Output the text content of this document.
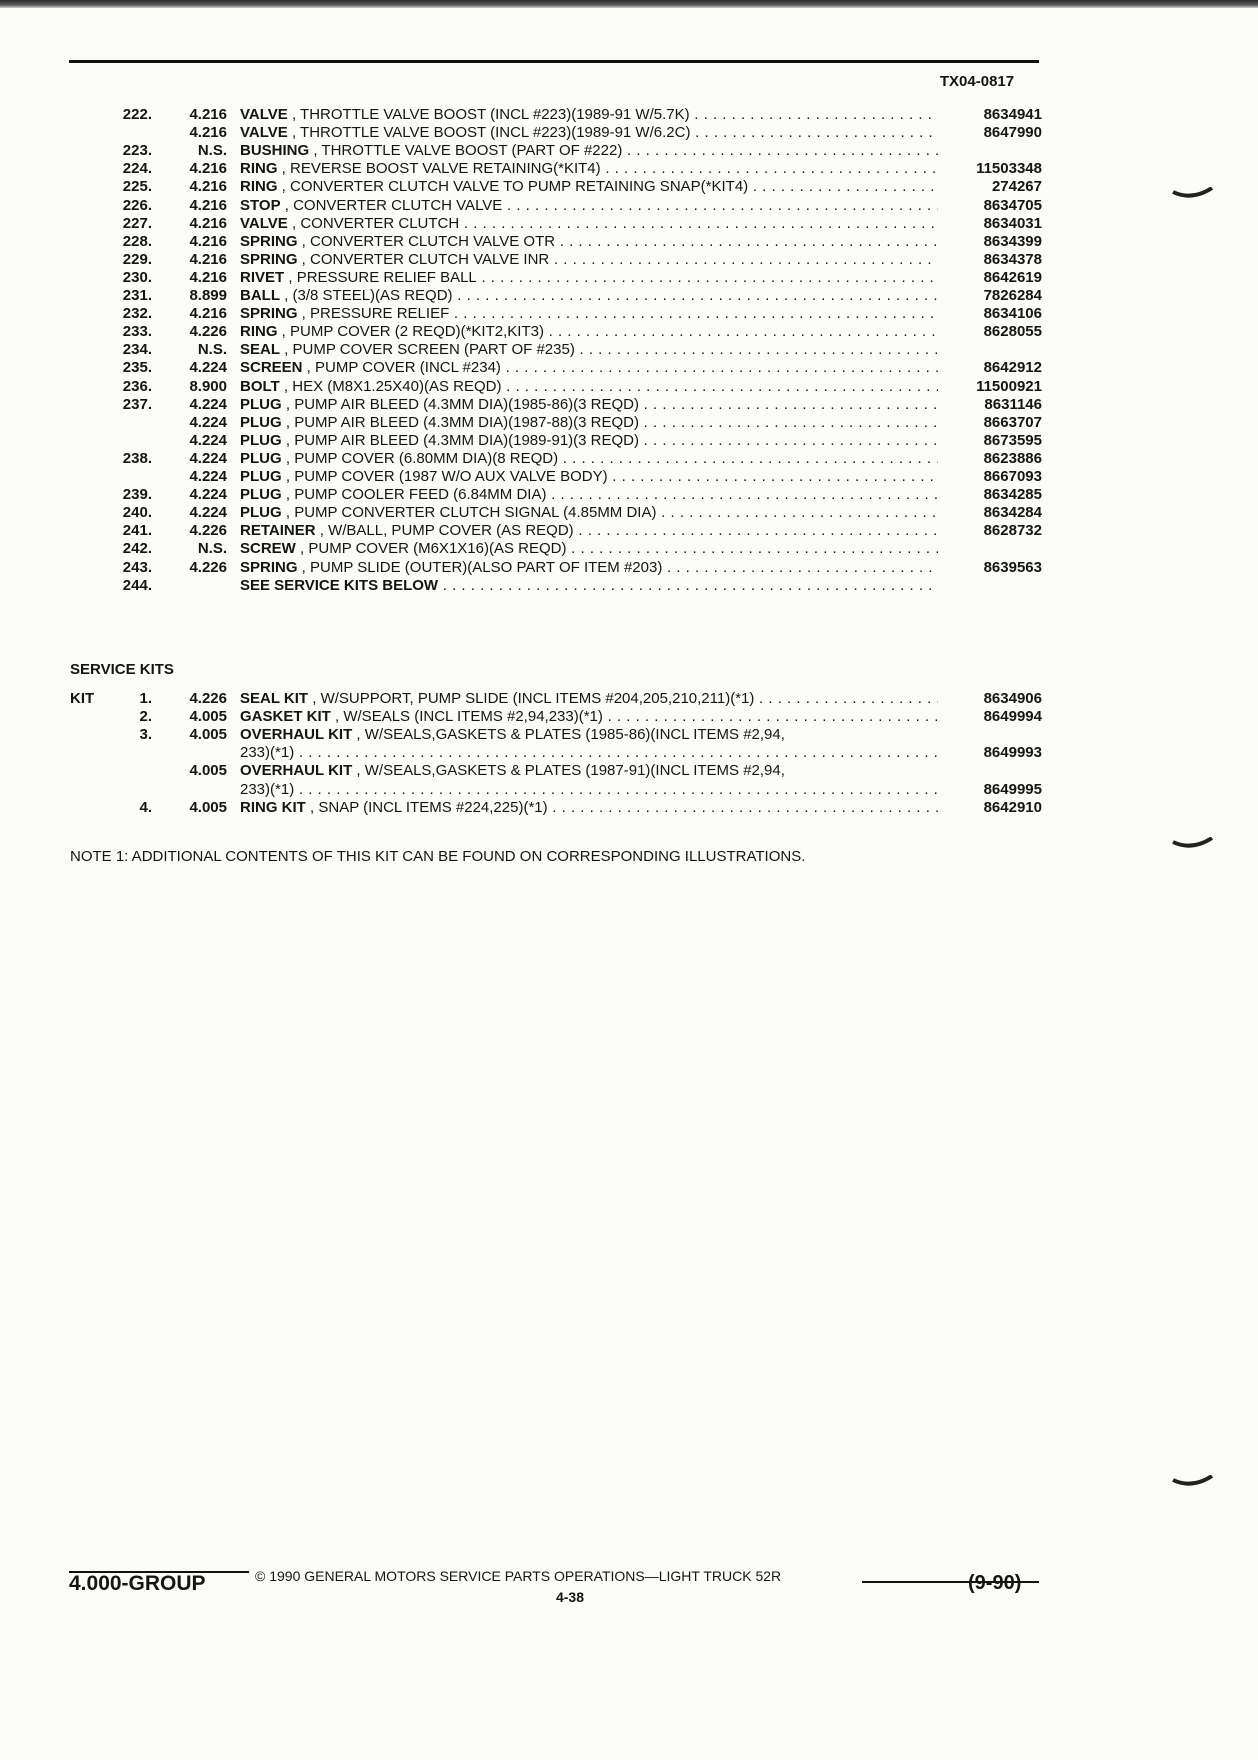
TX04-0817
222.	4.216 VALVE , THROTTLE VALVE BOOST (INCL #223)(1989-91 W/5.7K) . . .	8634941
4.216 VALVE , THROTTLE VALVE BOOST (INCL #223)(1989-91 W/6.2C) . . .	8647990
223.	N.S. BUSHING , THROTTLE VALVE BOOST (PART OF #222) . . .
224.	4.216 RING , REVERSE BOOST VALVE RETAINING(*KIT4) . . .	11503348
225.	4.216 RING , CONVERTER CLUTCH VALVE TO PUMP RETAINING SNAP(*KIT4) . . .	274267
226.	4.216 STOP , CONVERTER CLUTCH VALVE . . .	8634705
227.	4.216 VALVE , CONVERTER CLUTCH . . .	8634031
228.	4.216 SPRING , CONVERTER CLUTCH VALVE OTR . . .	8634399
229.	4.216 SPRING , CONVERTER CLUTCH VALVE INR . . .	8634378
230.	4.216 RIVET , PRESSURE RELIEF BALL . . .	8642619
231.	8.899 BALL , (3/8 STEEL)(AS REQD) . . .	7826284
232.	4.216 SPRING , PRESSURE RELIEF . . .	8634106
233.	4.226 RING , PUMP COVER (2 REQD)(*KIT2,KIT3) . . .	8628055
234.	N.S. SEAL , PUMP COVER SCREEN (PART OF #235) . . .
235.	4.224 SCREEN , PUMP COVER (INCL #234) . . .	8642912
236.	8.900 BOLT , HEX (M8X1.25X40)(AS REQD) . . .	11500921
237.	4.224 PLUG , PUMP AIR BLEED (4.3MM DIA)(1985-86)(3 REQD) . . .	8631146
4.224 PLUG , PUMP AIR BLEED (4.3MM DIA)(1987-88)(3 REQD) . . .	8663707
4.224 PLUG , PUMP AIR BLEED (4.3MM DIA)(1989-91)(3 REQD) . . .	8673595
238.	4.224 PLUG , PUMP COVER (6.80MM DIA)(8 REQD) . . .	8623886
4.224 PLUG , PUMP COVER (1987 W/O AUX VALVE BODY) . . .	8667093
239.	4.224 PLUG , PUMP COOLER FEED (6.84MM DIA) . . .	8634285
240.	4.224 PLUG , PUMP CONVERTER CLUTCH SIGNAL (4.85MM DIA) . . .	8634284
241.	4.226 RETAINER , W/BALL, PUMP COVER (AS REQD) . . .	8628732
242.	N.S. SCREW , PUMP COVER (M6X1X16)(AS REQD) . . .
243.	4.226 SPRING , PUMP SLIDE (OUTER)(ALSO PART OF ITEM #203) . . .	8639563
244.	SEE SERVICE KITS BELOW . . .
SERVICE KITS
KIT	1.	4.226 SEAL KIT , W/SUPPORT, PUMP SLIDE (INCL ITEMS #204,205,210,211)(*1) . . .	8634906
2.	4.005 GASKET KIT , W/SEALS (INCL ITEMS #2,94,233)(*1) . . .	8649994
3.	4.005 OVERHAUL KIT , W/SEALS,GASKETS & PLATES (1985-86)(INCL ITEMS #2,94,
233)(*1) . . .	8649993
4.005 OVERHAUL KIT , W/SEALS,GASKETS & PLATES (1987-91)(INCL ITEMS #2,94,
233)(*1) . . .	8649995
4.	4.005 RING KIT , SNAP (INCL ITEMS #224,225)(*1) . . .	8642910
NOTE 1: ADDITIONAL CONTENTS OF THIS KIT CAN BE FOUND ON CORRESPONDING ILLUSTRATIONS.
4.000-GROUP	© 1990 GENERAL MOTORS SERVICE PARTS OPERATIONS—LIGHT TRUCK 52R
4-38
(9-90)
